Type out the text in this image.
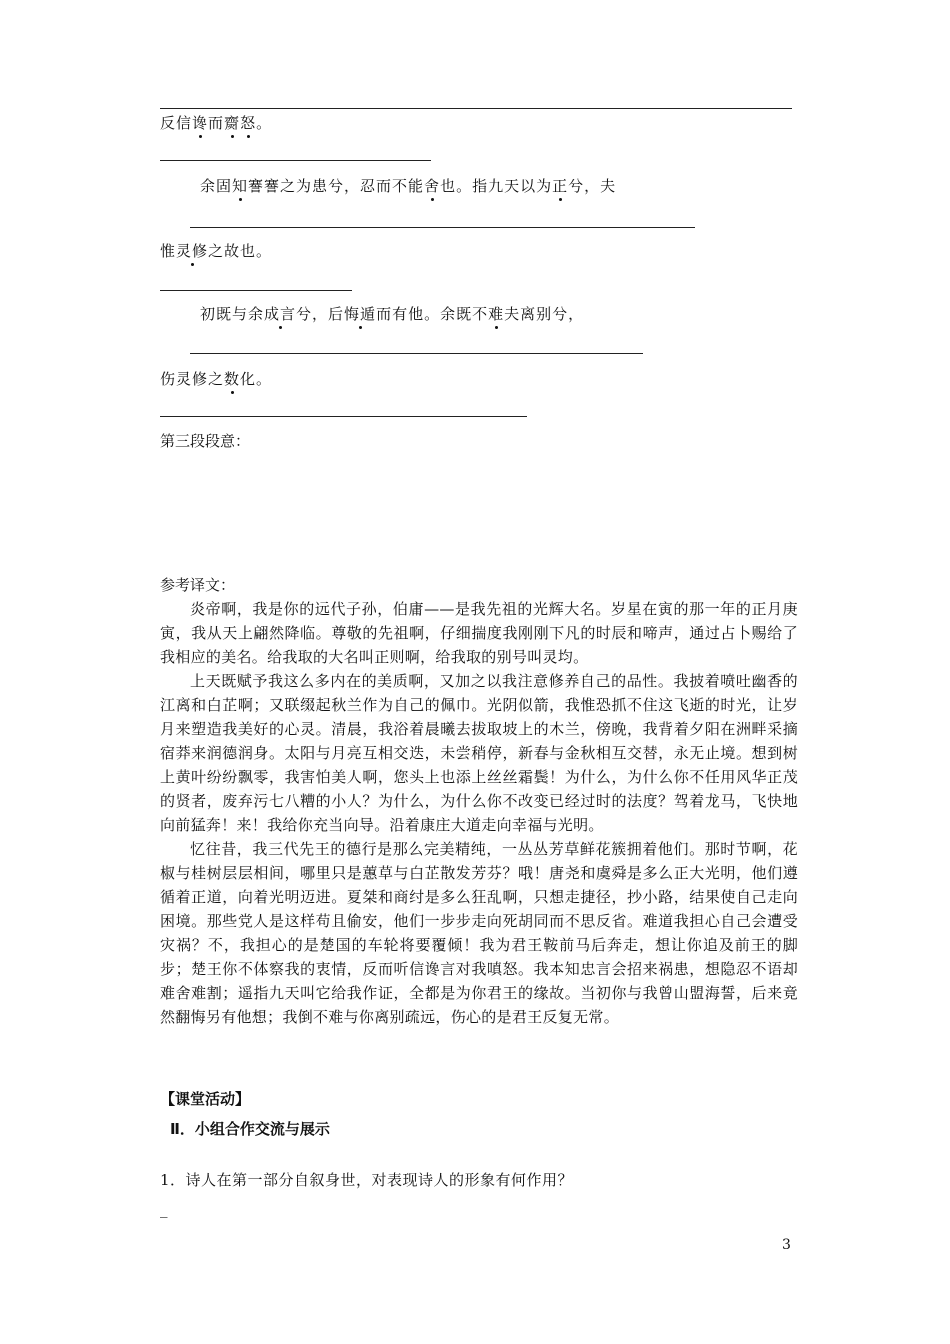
反信谗而齌怒。
余固知謇謇之为患兮，忍而不能舍也。指九天以为正兮，夫
惟灵修之故也。
初既与余成言兮，后悔遁而有他。余既不难夫离别兮，
伤灵修之数化。
第三段段意：
参考译文：

炎帝啊，我是你的远代子孙，伯庸——是我先祖的光辉大名。岁星在寅的那一年的正月庚寅，我从天上翩然降临。尊敬的先祖啊，仔细揣度我刚刚下凡的时辰和啼声，通过占卜赐给了我相应的美名。给我取的大名叫正则啊，给我取的别号叫灵均。

上天既赋予我这么多内在的美质啊，又加之以我注意修养自己的品性。我披着喷吐幽香的江离和白芷啊；又联缀起秋兰作为自己的佩巾。光阴似箭，我惟恐抓不住这飞逝的时光，让岁月来塑造我美好的心灵。清晨，我浴着晨曦去拔取坡上的木兰，傍晚，我背着夕阳在洲畔采摘宿莽来润德润身。太阳与月亮互相交迭，未尝稍停，新春与金秋相互交替，永无止境。想到树上黄叶纷纷飘零，我害怕美人啊，您头上也添上丝丝霜鬓！为什么，为什么你不任用风华正茂的贤者，废弃污七八糟的小人？为什么，为什么你不改变已经过时的法度？驾着龙马，飞快地向前猛奔！来！我给你充当向导。沿着康庄大道走向幸福与光明。

忆往昔，我三代先王的德行是那么完美精纯，一丛丛芳草鲜花簇拥着他们。那时节啊，花椒与桂树层层相间，哪里只是蕙草与白芷散发芳芬？哦！唐尧和虞舜是多么正大光明，他们遵循着正道，向着光明迈进。夏桀和商纣是多么狂乱啊，只想走捷径，抄小路，结果使自己走向困境。那些党人是这样苟且偷安，他们一步步走向死胡同而不思反省。难道我担心自己会遭受灾祸？不，我担心的是楚国的车轮将要覆倾！我为君王鞍前马后奔走，想让你追及前王的脚步；楚王你不体察我的衷情，反而听信谗言对我嗔怒。我本知忠言会招来祸患，想隐忍不语却难舍难割；遥指九天叫它给我作证，全都是为你君王的缘故。当初你与我曾山盟海誓，后来竟然翻悔另有他想；我倒不难与你离别疏远，伤心的是君王反复无常。

【课堂活动】
Ⅱ．小组合作交流与展示
1．诗人在第一部分自叙身世，对表现诗人的形象有何作用？
_
3
